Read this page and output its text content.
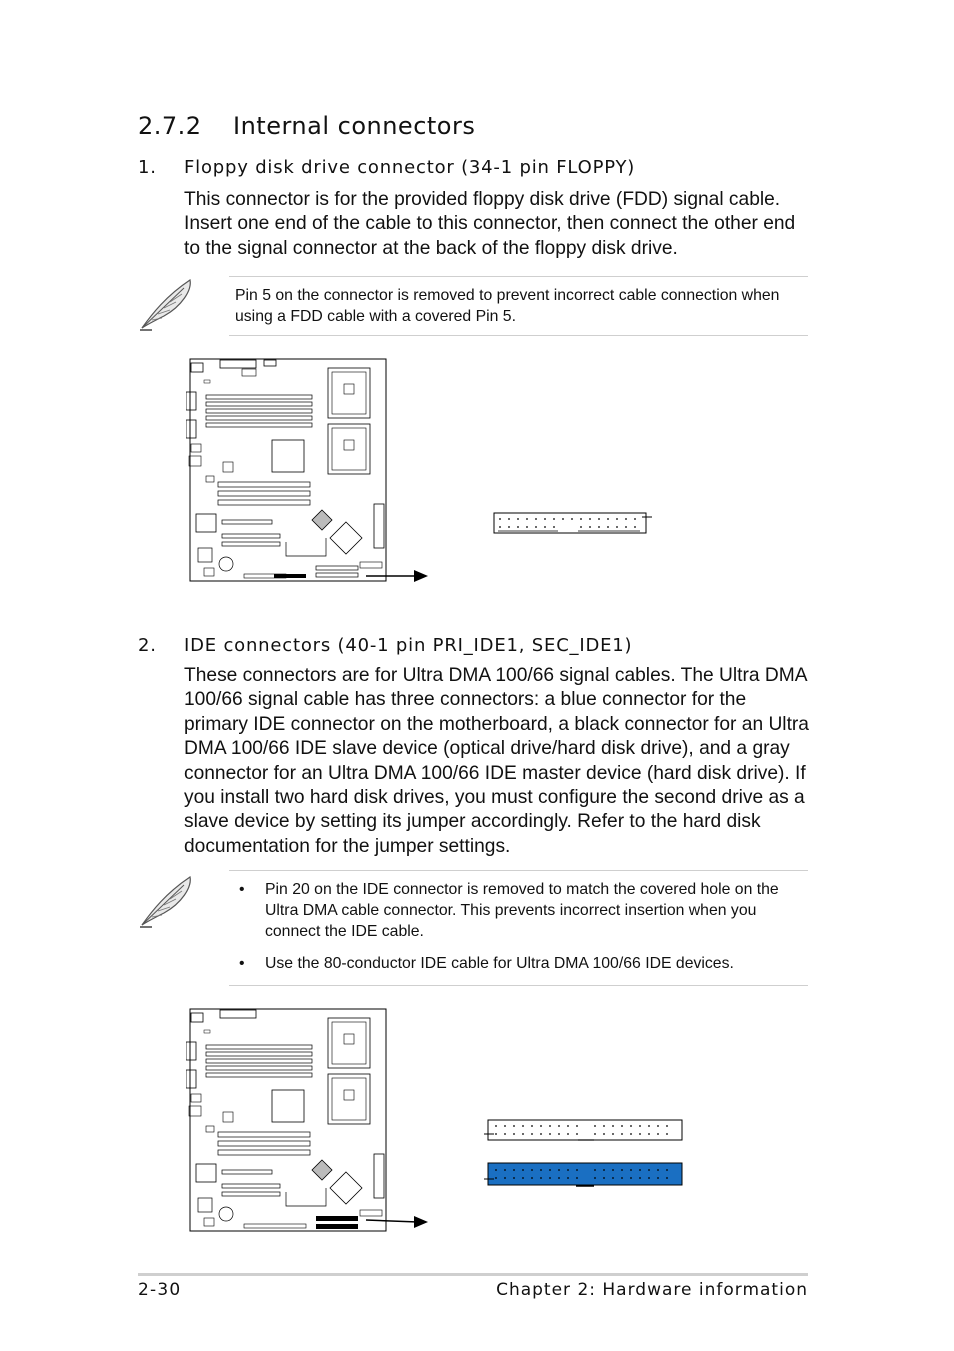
2.7.2 Internal connectors
1. Floppy disk drive connector (34-1 pin FLOPPY)

This connector is for the provided floppy disk drive (FDD) signal cable. Insert one end of the cable to this connector, then connect the other end to the signal connector at the back of the floppy disk drive.

Pin 5 on the connector is removed to prevent incorrect cable connection when using a FDD cable with a covered Pin 5.

2. IDE connectors (40-1 pin PRI_IDE1, SEC_IDE1)

These connectors are for Ultra DMA 100/66 signal cables. The Ultra DMA 100/66 signal cable has three connectors: a blue connector for the primary IDE connector on the motherboard, a black connector for an Ultra DMA 100/66 IDE slave device (optical drive/hard disk drive), and a gray connector for an Ultra DMA 100/66 IDE master device (hard disk drive). If you install two hard disk drives, you must configure the second drive as a slave device by setting its jumper accordingly. Refer to the hard disk documentation for the jumper settings.

• Pin 20 on the IDE connector is removed to match the covered hole on the Ultra DMA cable connector. This prevents incorrect insertion when you connect the IDE cable.
• Use the 80-conductor IDE cable for Ultra DMA 100/66 IDE devices.
2-30	Chapter 2: Hardware information
